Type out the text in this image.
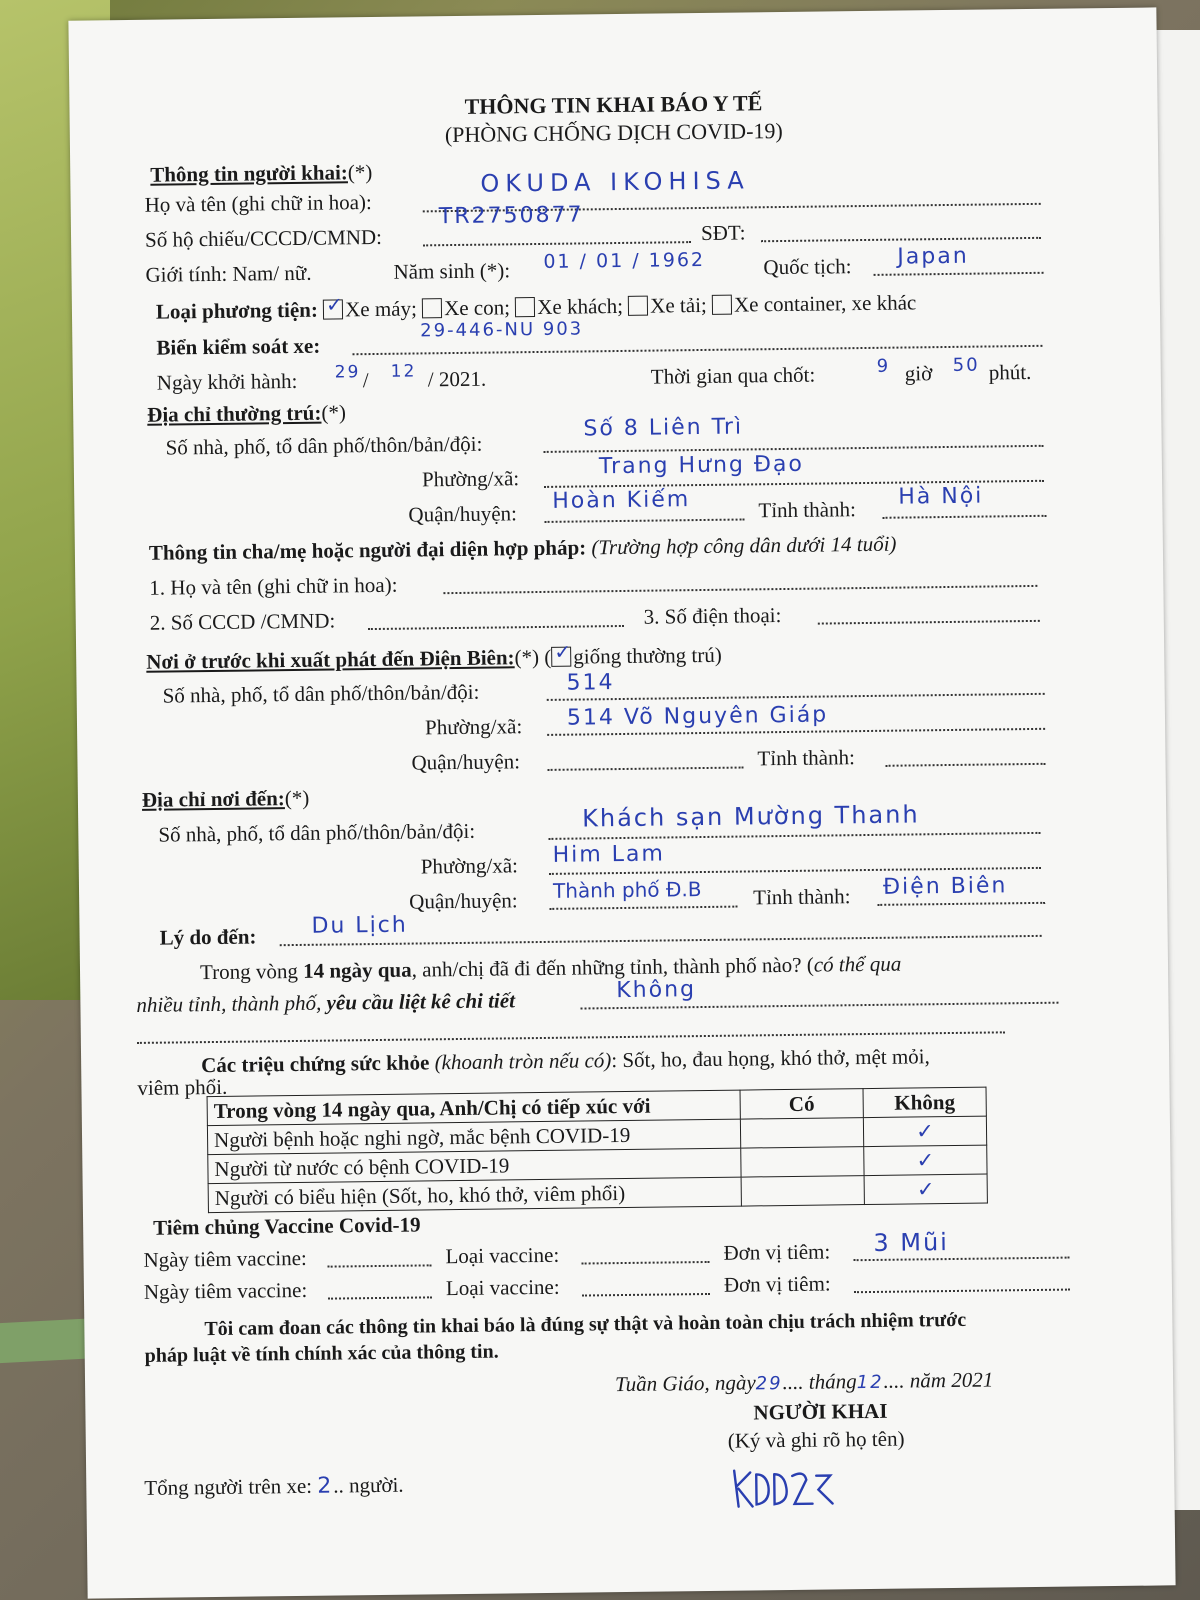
THÔNG TIN KHAI BÁO Y TẾ
(PHÒNG CHỐNG DỊCH COVID-19)
Thông tin người khai:(*)
Họ và tên (ghi chữ in hoa):
OKUDA IKOHISA
Số hộ chiếu/CCCD/CMND:
TR2750877
SĐT:
Giới tính: Nam/ nữ.	Năm sinh (*): 01 / 01 / 1962	Quốc tịch: Japan
Loại phương tiện: ✓ Xe máy; Xe con; Xe khách; Xe tải; Xe container, xe khác
Biển kiểm soát xe:
29-446-NU 903
Ngày khởi hành: 29 / 12 / 2021.	Thời gian qua chốt:	9 giờ 50 phút.
Địa chỉ thường trú:(*)
Số nhà, phố, tổ dân phố/thôn/bản/đội:
Số 8 Liên Trì
Phường/xã:	Trang Hưng Đạo
Quận/huyện:
Hoàn Kiếm	Tỉnh thành:
Hà Nội
Thông tin cha/mẹ hoặc người đại diện hợp pháp: (Trường hợp công dân dưới 14 tuổi)
1. Họ và tên (ghi chữ in hoa):
2. Số CCCD /CMND:	3. Số điện thoại:
Nơi ở trước khi xuất phát đến Điện Biên:(*) ( ✓ giống thường trú)
Số nhà, phố, tổ dân phố/thôn/bản/đội:	514
Phường/xã: 514 Võ Nguyên Giáp
Quận/huyện:	Tỉnh thành:
Địa chỉ nơi đến:(*)
Số nhà, phố, tổ dân phố/thôn/bản/đội:
Khách sạn Mường Thanh
Phường/xã: Him Lam
Quận/huyện: Thành phố Đ.B Tỉnh thành: Điện Biên
Lý do đến: Du Lịch
Trong vòng 14 ngày qua, anh/chị đã đi đến những tỉnh, thành phố nào? (có thể qua
nhiều tỉnh, thành phố, yêu cầu liệt kê chi tiết	Không
Các triệu chứng sức khỏe (khoanh tròn nếu có): Sốt, ho, đau họng, khó thở, mệt mỏi,
viêm phổi.
Trong vòng 14 ngày qua, Anh/Chị có tiếp xúc với	Có	Không
Người bệnh hoặc nghi ngờ, mắc bệnh COVID-19		✓
Người từ nước có bệnh COVID-19		✓
Người có biểu hiện (Sốt, ho, khó thở, viêm phổi)		✓
Tiêm chủng Vaccine Covid-19
Ngày tiêm vaccine:	Loại vaccine:	Đơn vị tiêm: 3 Mũi
Ngày tiêm vaccine:	Loại vaccine:	Đơn vị tiêm:
Tôi cam đoan các thông tin khai báo là đúng sự thật và hoàn toàn chịu trách nhiệm trước
pháp luật về tính chính xác của thông tin.
Tuần Giáo, ngày29.... tháng12.... năm 2021
NGƯỜI KHAI
(Ký và ghi rõ họ tên)
Tổng người trên xe: 2.. người.
